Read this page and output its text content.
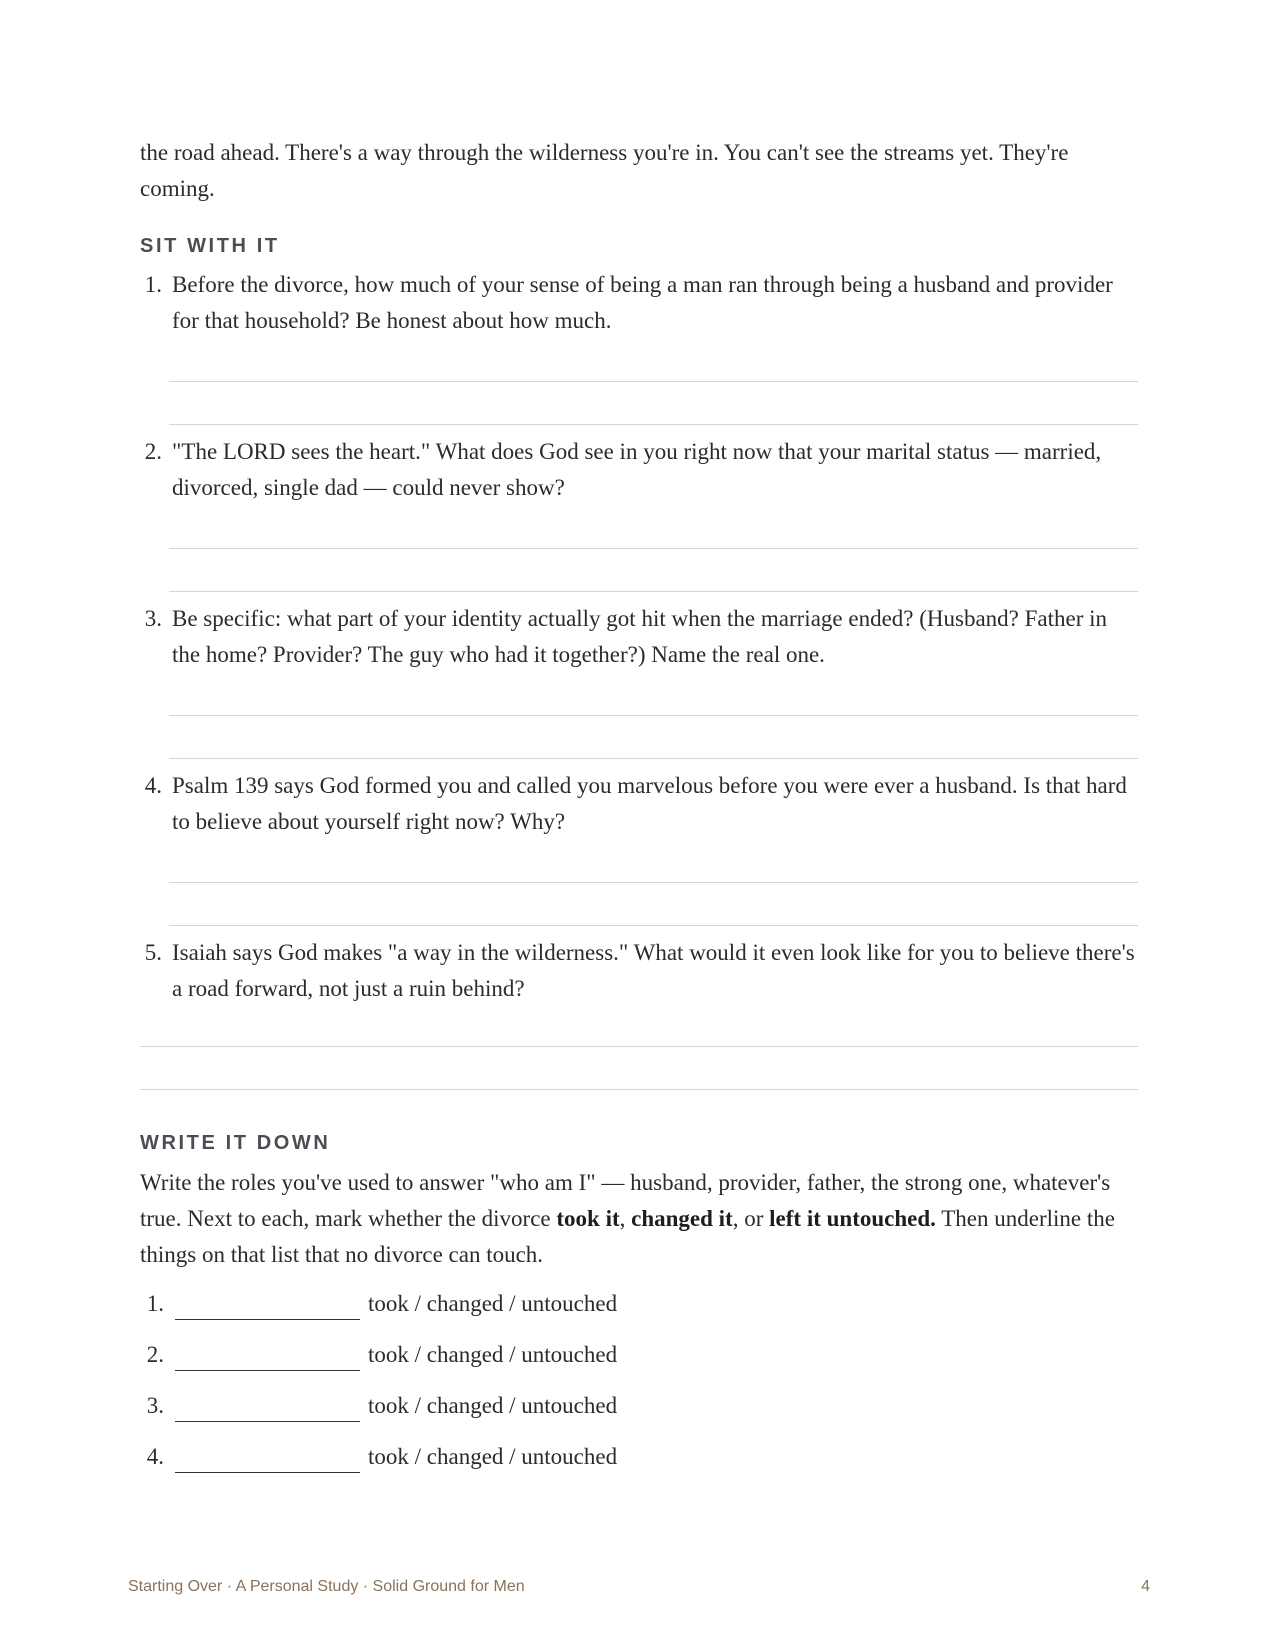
the road ahead. There's a way through the wilderness you're in. You can't see the streams yet. They're coming.

SIT WITH IT
1. Before the divorce, how much of your sense of being a man ran through being a husband and provider for that household? Be honest about how much.

2. "The LORD sees the heart." What does God see in you right now that your marital status — married, divorced, single dad — could never show?

3. Be specific: what part of your identity actually got hit when the marriage ended? (Husband? Father in the home? Provider? The guy who had it together?) Name the real one.

4. Psalm 139 says God formed you and called you marvelous before you were ever a husband. Is that hard to believe about yourself right now? Why?

5. Isaiah says God makes "a way in the wilderness." What would it even look like for you to believe there's a road forward, not just a ruin behind?

WRITE IT DOWN

Write the roles you've used to answer "who am I" — husband, provider, father, the strong one, whatever's true. Next to each, mark whether the divorce took it, changed it, or left it untouched. Then underline the things on that list that no divorce can touch.

1.	took / changed / untouched
2.	took / changed / untouched
3.	took / changed / untouched
4.	took / changed / untouched
Starting Over · A Personal Study · Solid Ground for Men	4
